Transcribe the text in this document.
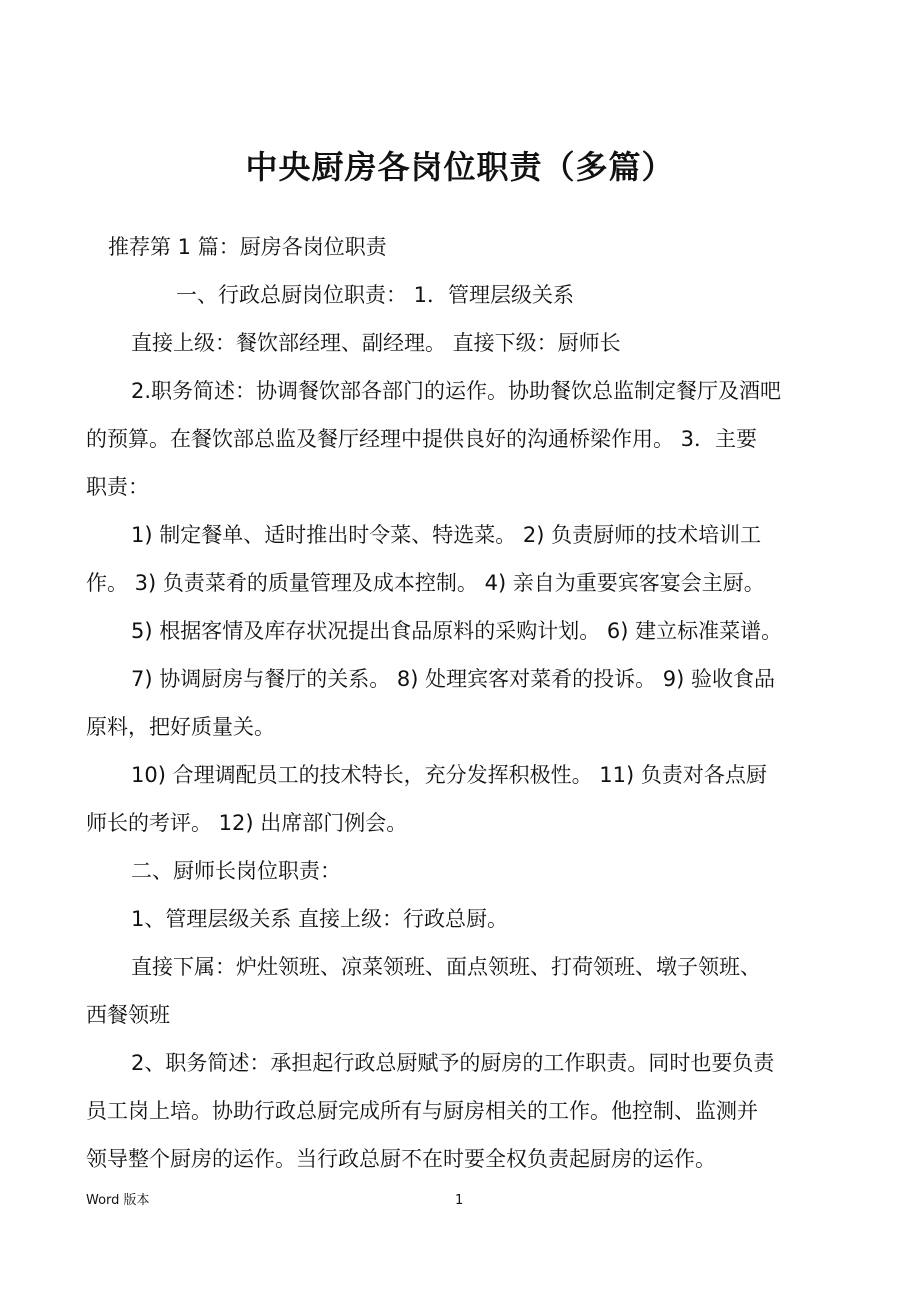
中央厨房各岗位职责（多篇）
推荐第 1 篇：厨房各岗位职责
一、行政总厨岗位职责： 1．管理层级关系
直接上级：餐饮部经理、副经理。 直接下级：厨师长
2.职务简述：协调餐饮部各部门的运作。协助餐饮总监制定餐厅及酒吧
的预算。在餐饮部总监及餐厅经理中提供良好的沟通桥梁作用。 3．主要
职责：
1) 制定餐单、适时推出时令菜、特选菜。 2) 负责厨师的技术培训工
作。 3) 负责菜肴的质量管理及成本控制。 4) 亲自为重要宾客宴会主厨。
5) 根据客情及库存状况提出食品原料的采购计划。 6) 建立标准菜谱。
7) 协调厨房与餐厅的关系。 8) 处理宾客对菜肴的投诉。 9) 验收食品
原料，把好质量关。
10) 合理调配员工的技术特长，充分发挥积极性。 11) 负责对各点厨
师长的考评。 12) 出席部门例会。
二、厨师长岗位职责：
1、管理层级关系 直接上级：行政总厨。
直接下属：炉灶领班、凉菜领班、面点领班、打荷领班、墩子领班、
西餐领班
2、职务简述：承担起行政总厨赋予的厨房的工作职责。同时也要负责
员工岗上培。协助行政总厨完成所有与厨房相关的工作。他控制、监测并
领导整个厨房的运作。当行政总厨不在时要全权负责起厨房的运作。
Word 版本	1
